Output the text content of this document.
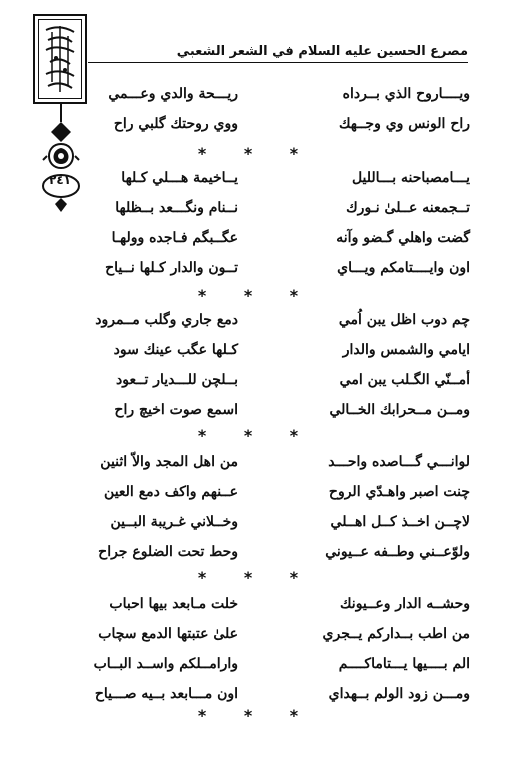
مصرع الحسين عليه السلام في الشعر الشعبي
٢٤١
ويــــاروح الذي بــرداه
ريـــحة والدي وعـــمي
راح الونس وي وجــهك
ووي روحتك گلبي راح
* * *
يـــامصباحنه بـــالليل
يــاخيمة هـــلي كـلها
تــجمعنه عــلىٰ نـورك
نــنام ونگـــعد بــظلها
گضت واهلي گـضو وآنه
عگــبگم فـاجده وولهـا
اون وايــــتامكم ويـــاي
تــون والدار كـلها نــياح
* * *
چم دوب اظل يبن اُمي
دمع جاري وگلب مــمرود
ايامي والشمس والدار
كـلها عگب عينك سود
أمــنّي الگـلب يبن امي
بــلچن للـــديار تــعود
ومــن مــحرابك الخــالي
اسمع صوت اخيچ راح
* * *
لوانـــي گـــاصده واحـــد
من اهل المجد والاّ اثنين
چنت اصبر واهـدّي الروح
عــنهم واكف دمع العين
لاچــن اخــذ كــل اهــلي
وخــلاني غـريبة البــين
ولوّعــني وطــفه عــيوني
وحط تحت الضلوع جراح
* * *
وحشــه الدار وعــيونك
خلت مـابعد بيها احباب
من اطب بــداركم يــجري
علىٰ عتبتها الدمع سچاب
الم بــــيها يـــتاماكــــم
وارامــلكم واســد البــاب
ومـــن زود الولم بــهداي
اون مـــابعد بــيه صـــياح
* * *
